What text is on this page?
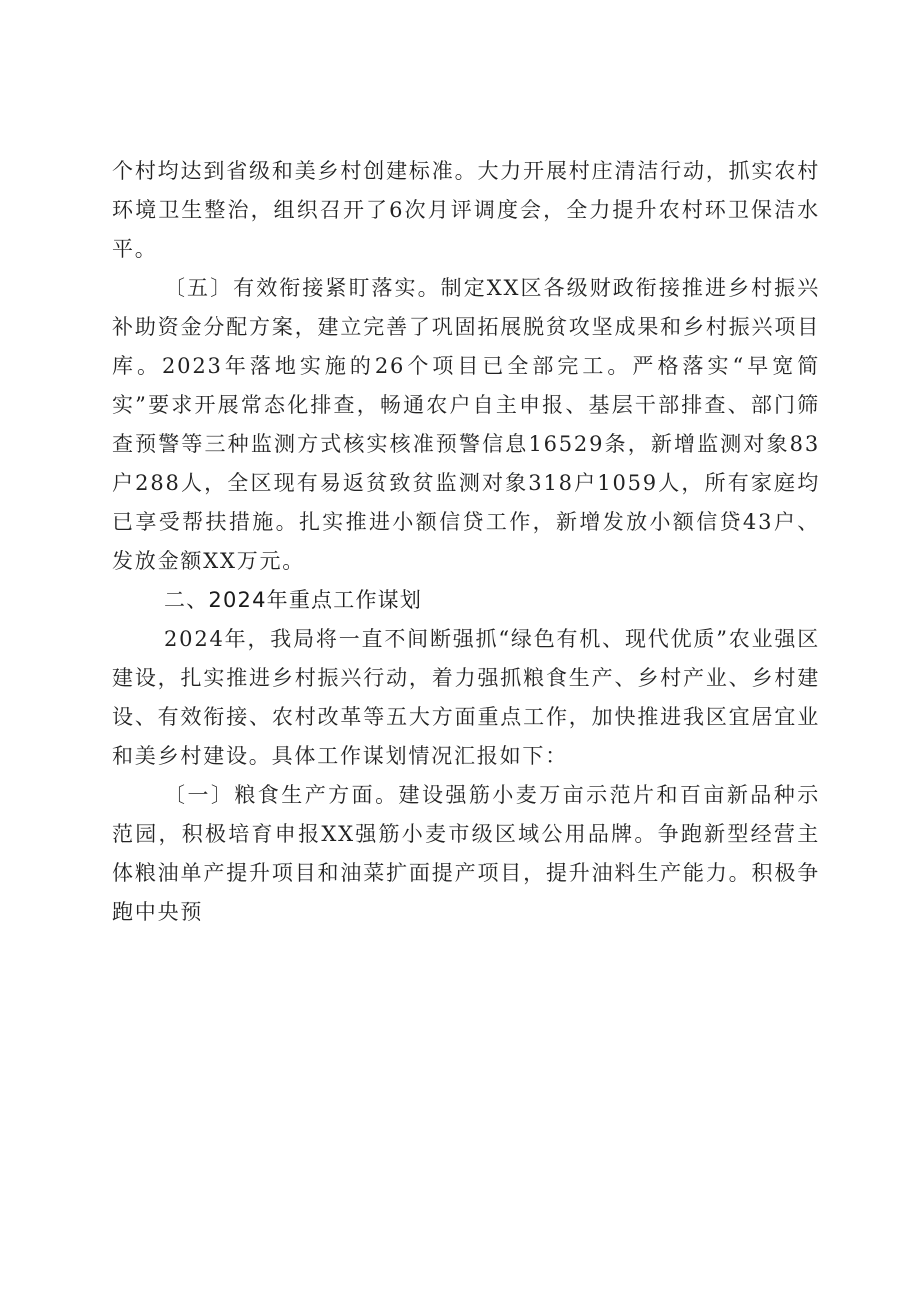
个村均达到省级和美乡村创建标准。大力开展村庄清洁行动，抓实农村环境卫生整治，组织召开了6次月评调度会，全力提升农村环卫保洁水平。

〔五〕有效衔接紧盯落实。制定XX区各级财政衔接推进乡村振兴补助资金分配方案，建立完善了巩固拓展脱贫攻坚成果和乡村振兴项目库。2023年落地实施的26个项目已全部完工。严格落实“早宽简实”要求开展常态化排查，畅通农户自主申报、基层干部排查、部门筛查预警等三种监测方式核实核准预警信息16529条，新增监测对象83户288人，全区现有易返贫致贫监测对象318户1059人，所有家庭均已享受帮扶措施。扎实推进小额信贷工作，新增发放小额信贷43户、发放金额XX万元。

二、2024年重点工作谋划

2024年，我局将一直不间断强抓“绿色有机、现代优质”农业强区建设，扎实推进乡村振兴行动，着力强抓粮食生产、乡村产业、乡村建设、有效衔接、农村改革等五大方面重点工作，加快推进我区宜居宜业和美乡村建设。具体工作谋划情况汇报如下：

〔一〕粮食生产方面。建设强筋小麦万亩示范片和百亩新品种示范园，积极培育申报XX强筋小麦市级区域公用品牌。争跑新型经营主体粮油单产提升项目和油菜扩面提产项目，提升油料生产能力。积极争跑中央预
